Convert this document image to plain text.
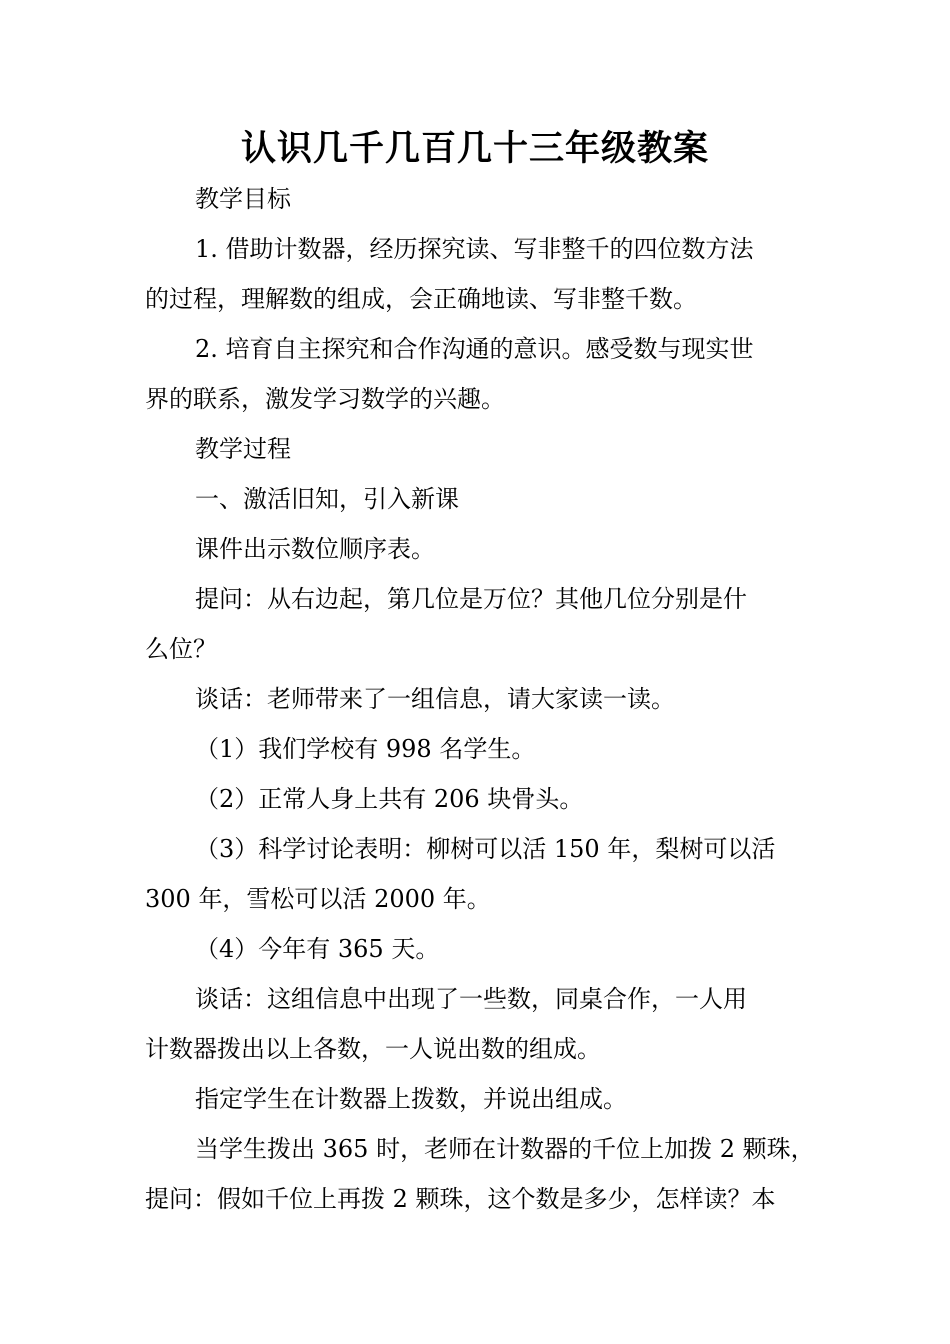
认识几千几百几十三年级教案
教学目标
1. 借助计数器，经历探究读、写非整千的四位数方法
的过程，理解数的组成，会正确地读、写非整千数。
2. 培育自主探究和合作沟通的意识。感受数与现实世
界的联系，激发学习数学的兴趣。
教学过程
一、激活旧知，引入新课
课件出示数位顺序表。
提问：从右边起，第几位是万位？其他几位分别是什
么位？
谈话：老师带来了一组信息，请大家读一读。
（1）我们学校有 998 名学生。
（2）正常人身上共有 206 块骨头。
（3）科学讨论表明：柳树可以活 150 年，梨树可以活
300 年，雪松可以活 2000 年。
（4）今年有 365 天。
谈话：这组信息中出现了一些数，同桌合作，一人用
计数器拨出以上各数，一人说出数的组成。
指定学生在计数器上拨数，并说出组成。
当学生拨出 365 时，老师在计数器的千位上加拨 2 颗珠，
提问：假如千位上再拨 2 颗珠，这个数是多少，怎样读？本
